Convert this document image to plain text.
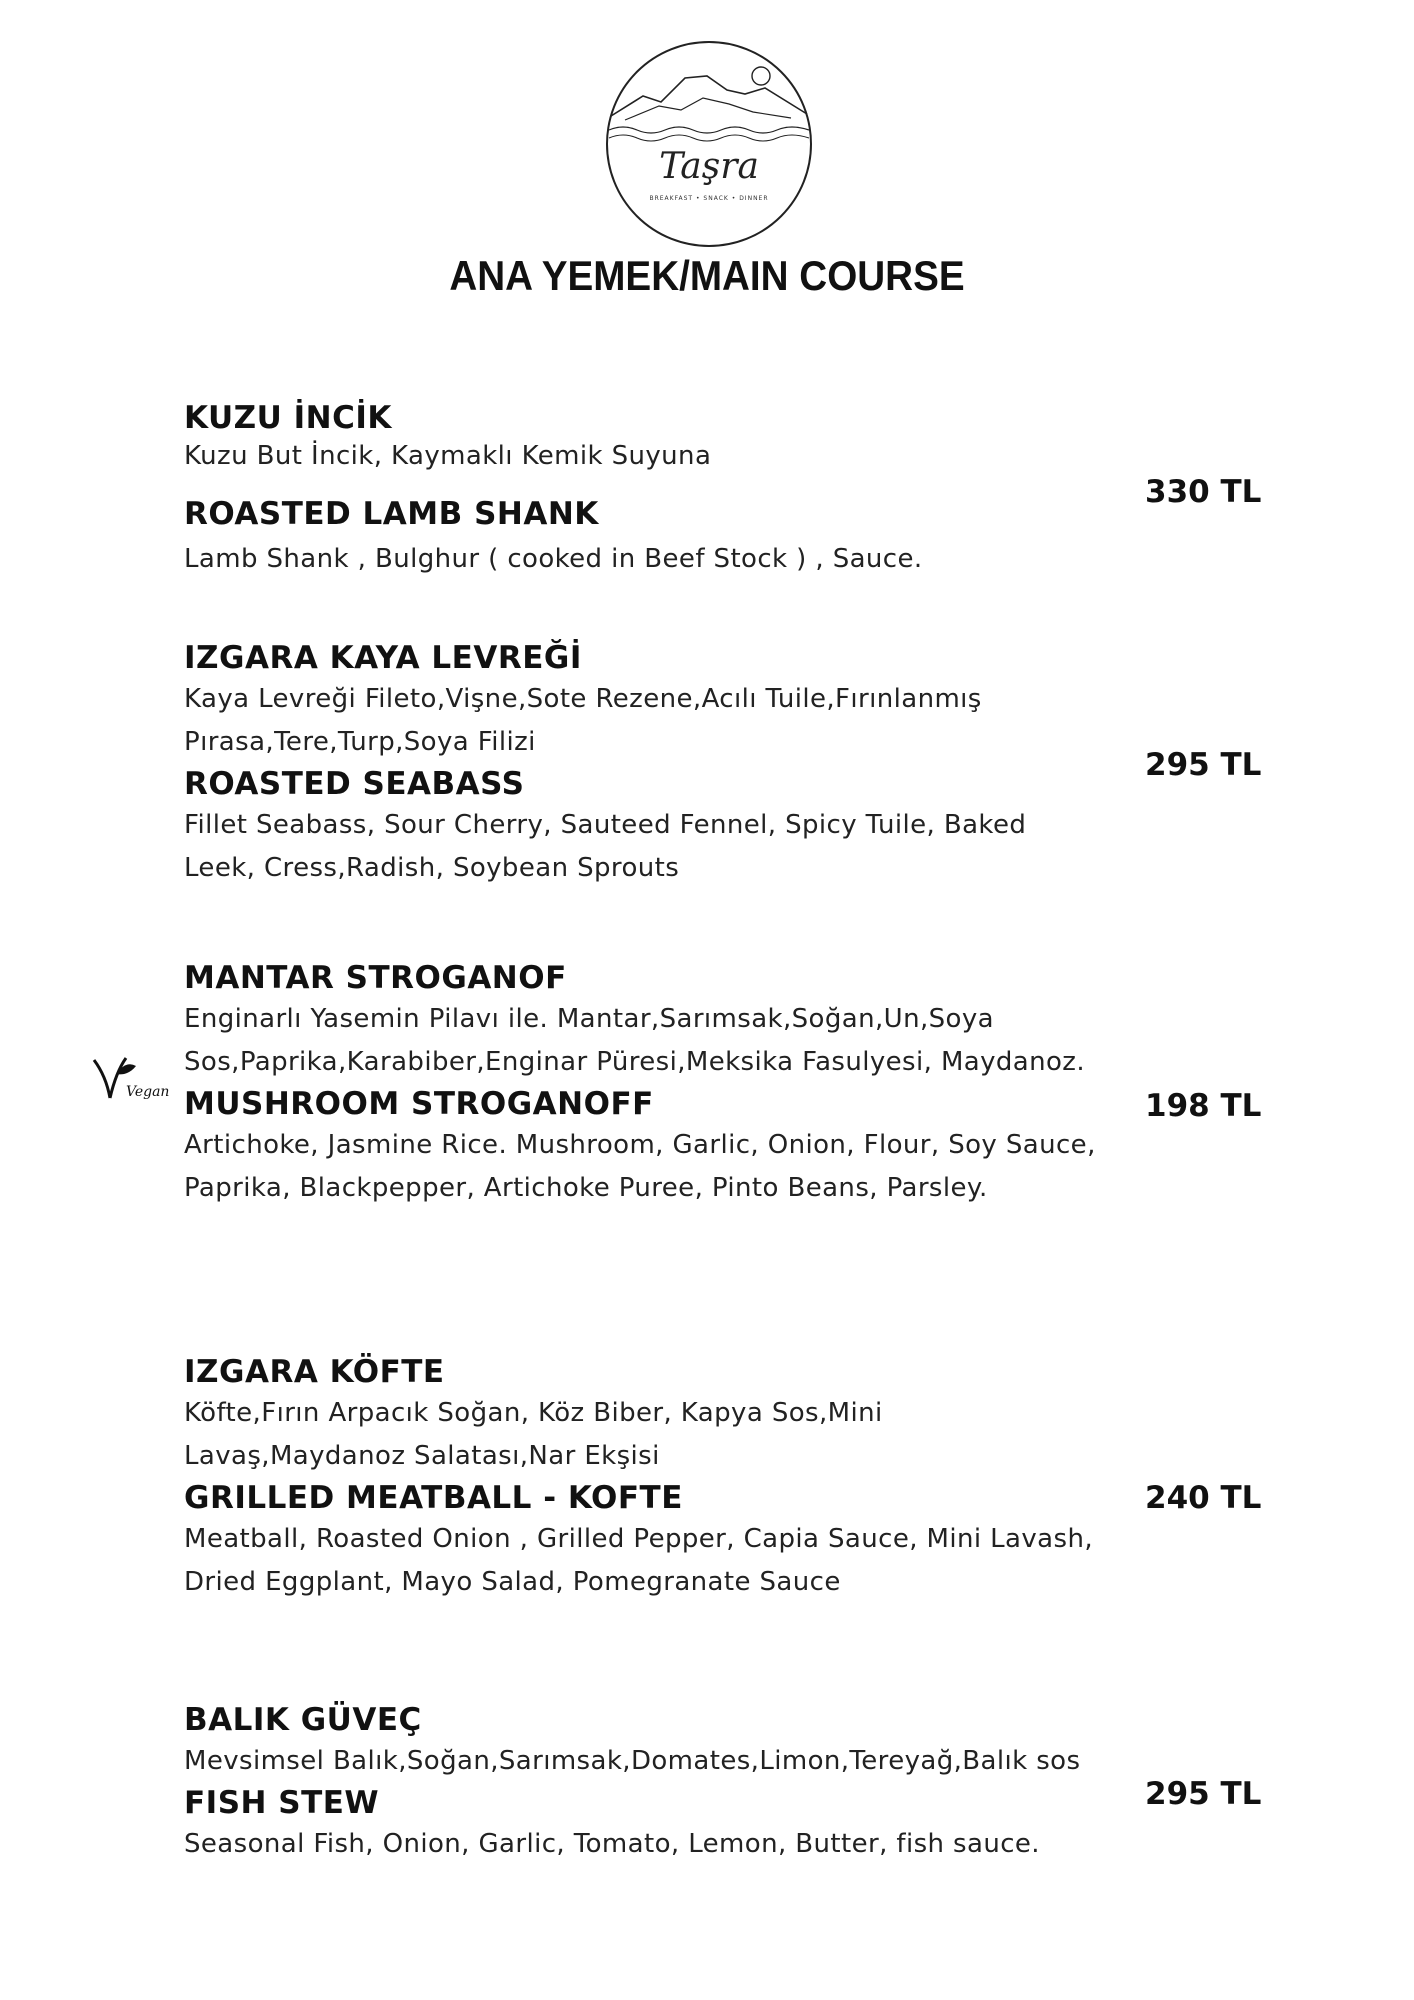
Taşra
BREAKFAST • SNACK • DINNER
ANA YEMEK/MAIN COURSE

KUZU İNCİK

Kuzu But İncik, Kaymaklı Kemik Suyuna

ROASTED LAMB SHANK

Lamb Shank , Bulghur ( cooked in Beef Stock ) , Sauce.

330 TL

IZGARA KAYA LEVREĞİ

Kaya Levreği Fileto,Vişne,Sote Rezene,Acılı Tuile,Fırınlanmış Pırasa,Tere,Turp,Soya Filizi

ROASTED SEABASS

Fillet Seabass, Sour Cherry, Sauteed Fennel, Spicy Tuile, Baked Leek, Cress,Radish, Soybean Sprouts

295 TL
Vegan

MANTAR STROGANOF

Enginarlı Yasemin Pilavı ile. Mantar,Sarımsak,Soğan,Un,Soya Sos,Paprika,Karabiber,Enginar Püresi,Meksika Fasulyesi, Maydanoz.

MUSHROOM STROGANOFF

Artichoke, Jasmine Rice. Mushroom, Garlic, Onion, Flour, Soy Sauce, Paprika, Blackpepper, Artichoke Puree, Pinto Beans, Parsley.

198 TL

IZGARA KÖFTE

Köfte,Fırın Arpacık Soğan, Köz Biber, Kapya Sos,Mini Lavaş,Maydanoz Salatası,Nar Ekşisi

GRILLED MEATBALL - KOFTE

Meatball, Roasted Onion , Grilled Pepper, Capia Sauce, Mini Lavash, Dried Eggplant, Mayo Salad, Pomegranate Sauce

240 TL

BALIK GÜVEÇ

Mevsimsel Balık,Soğan,Sarımsak,Domates,Limon,Tereyağ,Balık sos

FISH STEW

Seasonal Fish, Onion, Garlic, Tomato, Lemon, Butter, fish sauce.

295 TL
